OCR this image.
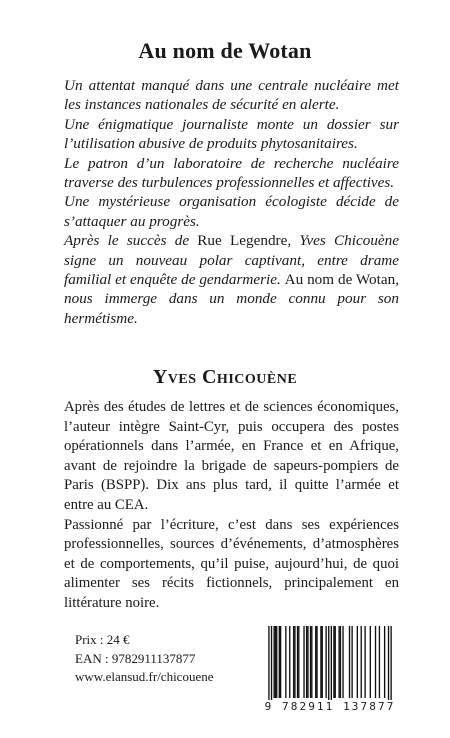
Au nom de Wotan

Un attentat manqué dans une centrale nucléaire met les instances nationales de sécurité en alerte.

Une énigmatique journaliste monte un dossier sur l’utilisation abusive de produits phytosanitaires.

Le patron d’un laboratoire de recherche nucléaire traverse des turbulences professionnelles et affectives.

Une mystérieuse organisation écologiste décide de s’attaquer au progrès.

Après le succès de Rue Legendre, Yves Chicouène signe un nouveau polar captivant, entre drame familial et enquête de gendarmerie. Au nom de Wotan, nous immerge dans un monde connu pour son hermétisme.

Yves Chicouène

Après des études de lettres et de sciences économiques, l’auteur intègre Saint-Cyr, puis occupera des postes opérationnels dans l’armée, en France et en Afrique, avant de rejoindre la brigade de sapeurs-pompiers de Paris (BSPP). Dix ans plus tard, il quitte l’armée et entre au CEA.

Passionné par l’écriture, c’est dans ses expériences professionnelles, sources d’événements, d’atmosphères et de comportements, qu’il puise, aujourd’hui, de quoi alimenter ses récits fictionnels, principalement en littérature noire.

Prix : 24 €
EAN : 9782911137877
www.elansud.fr/chicouene
9 782911 137877
